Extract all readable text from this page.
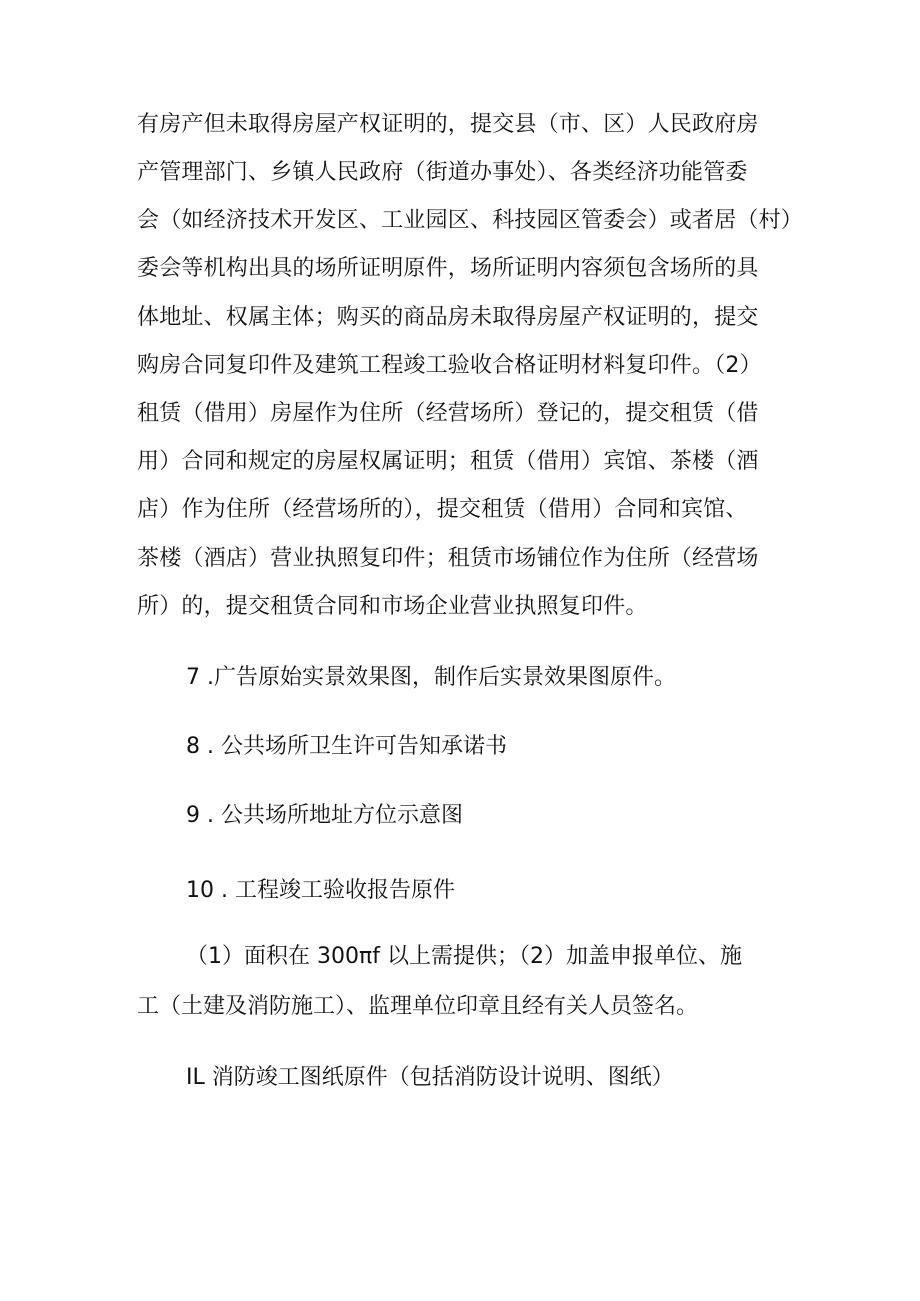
有房产但未取得房屋产权证明的，提交县（市、区）人民政府房
产管理部门、乡镇人民政府（街道办事处）、各类经济功能管委
会（如经济技术开发区、工业园区、科技园区管委会）或者居（村）
委会等机构出具的场所证明原件，场所证明内容须包含场所的具
体地址、权属主体；购买的商品房未取得房屋产权证明的，提交
购房合同复印件及建筑工程竣工验收合格证明材料复印件。（2）
租赁（借用）房屋作为住所（经营场所）登记的，提交租赁（借
用）合同和规定的房屋权属证明；租赁（借用）宾馆、茶楼（酒
店）作为住所（经营场所的），提交租赁（借用）合同和宾馆、
茶楼（酒店）营业执照复印件；租赁市场铺位作为住所（经营场
所）的，提交租赁合同和市场企业营业执照复印件。
7 .广告原始实景效果图，制作后实景效果图原件。
8 . 公共场所卫生许可告知承诺书
9 . 公共场所地址方位示意图
10 . 工程竣工验收报告原件
（1）面积在 300πf 以上需提供；（2）加盖申报单位、施
工（土建及消防施工）、监理单位印章且经有关人员签名。
IL 消防竣工图纸原件（包括消防设计说明、图纸）
